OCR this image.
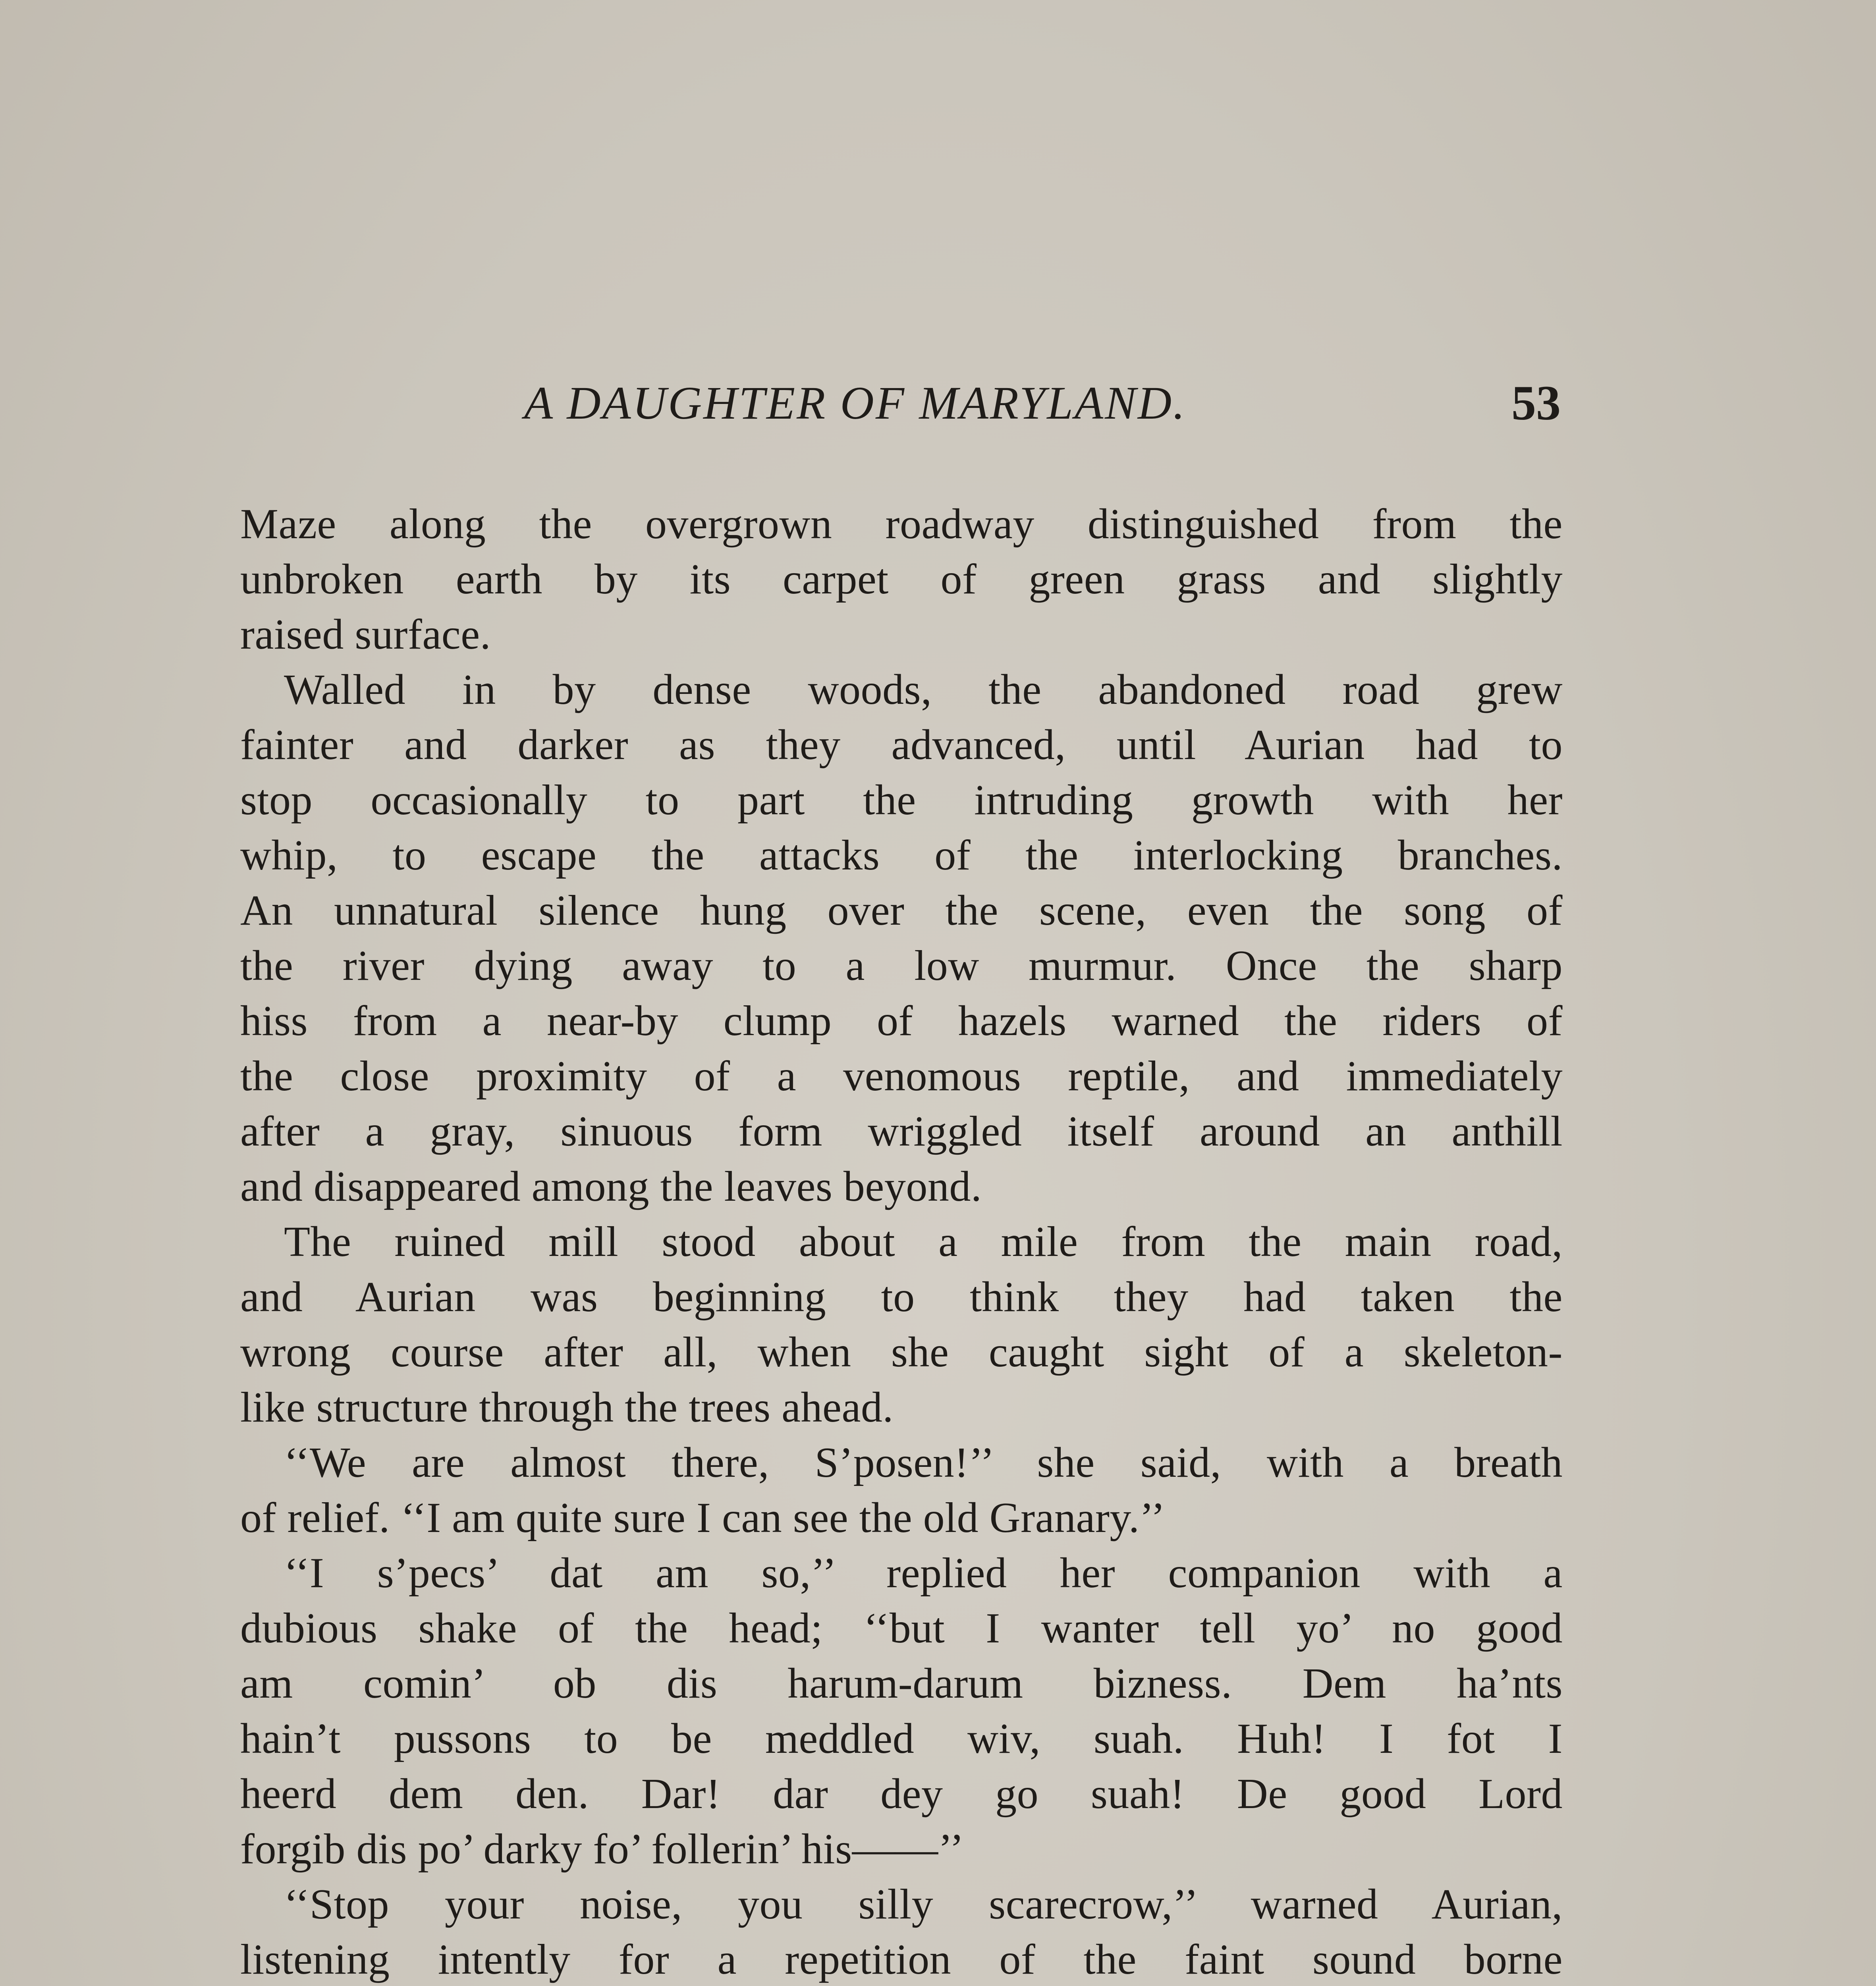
A DAUGHTER OF MARYLAND.	53
Maze along the overgrown roadway distinguished from the
unbroken earth by its carpet of green grass and slightly
raised surface.
Walled in by dense woods, the abandoned road grew
fainter and darker as they advanced, until Aurian had to
stop occasionally to part the intruding growth with her
whip, to escape the attacks of the interlocking branches.
An unnatural silence hung over the scene, even the song of
the river dying away to a low murmur. Once the sharp
hiss from a near-by clump of hazels warned the riders of
the close proximity of a venomous reptile, and immediately
after a gray, sinuous form wriggled itself around an anthill
and disappeared among the leaves beyond.
The ruined mill stood about a mile from the main road,
and Aurian was beginning to think they had taken the
wrong course after all, when she caught sight of a skeleton-
like structure through the trees ahead.
‘‘We are almost there, S’posen!’’ she said, with a breath
of relief. ‘‘I am quite sure I can see the old Granary.’’
‘‘I s’pecs’ dat am so,’’ replied her companion with a
dubious shake of the head; ‘‘but I wanter tell yo’ no good
am comin’ ob dis harum-darum bizness. Dem ha’nts
hain’t pussons to be meddled wiv, suah. Huh! I fot I
heerd dem den. Dar! dar dey go suah! De good Lord
forgib dis po’ darky fo’ follerin’ his——’’
‘‘Stop your noise, you silly scarecrow,’’ warned Aurian,
listening intently for a repetition of the faint sound borne
